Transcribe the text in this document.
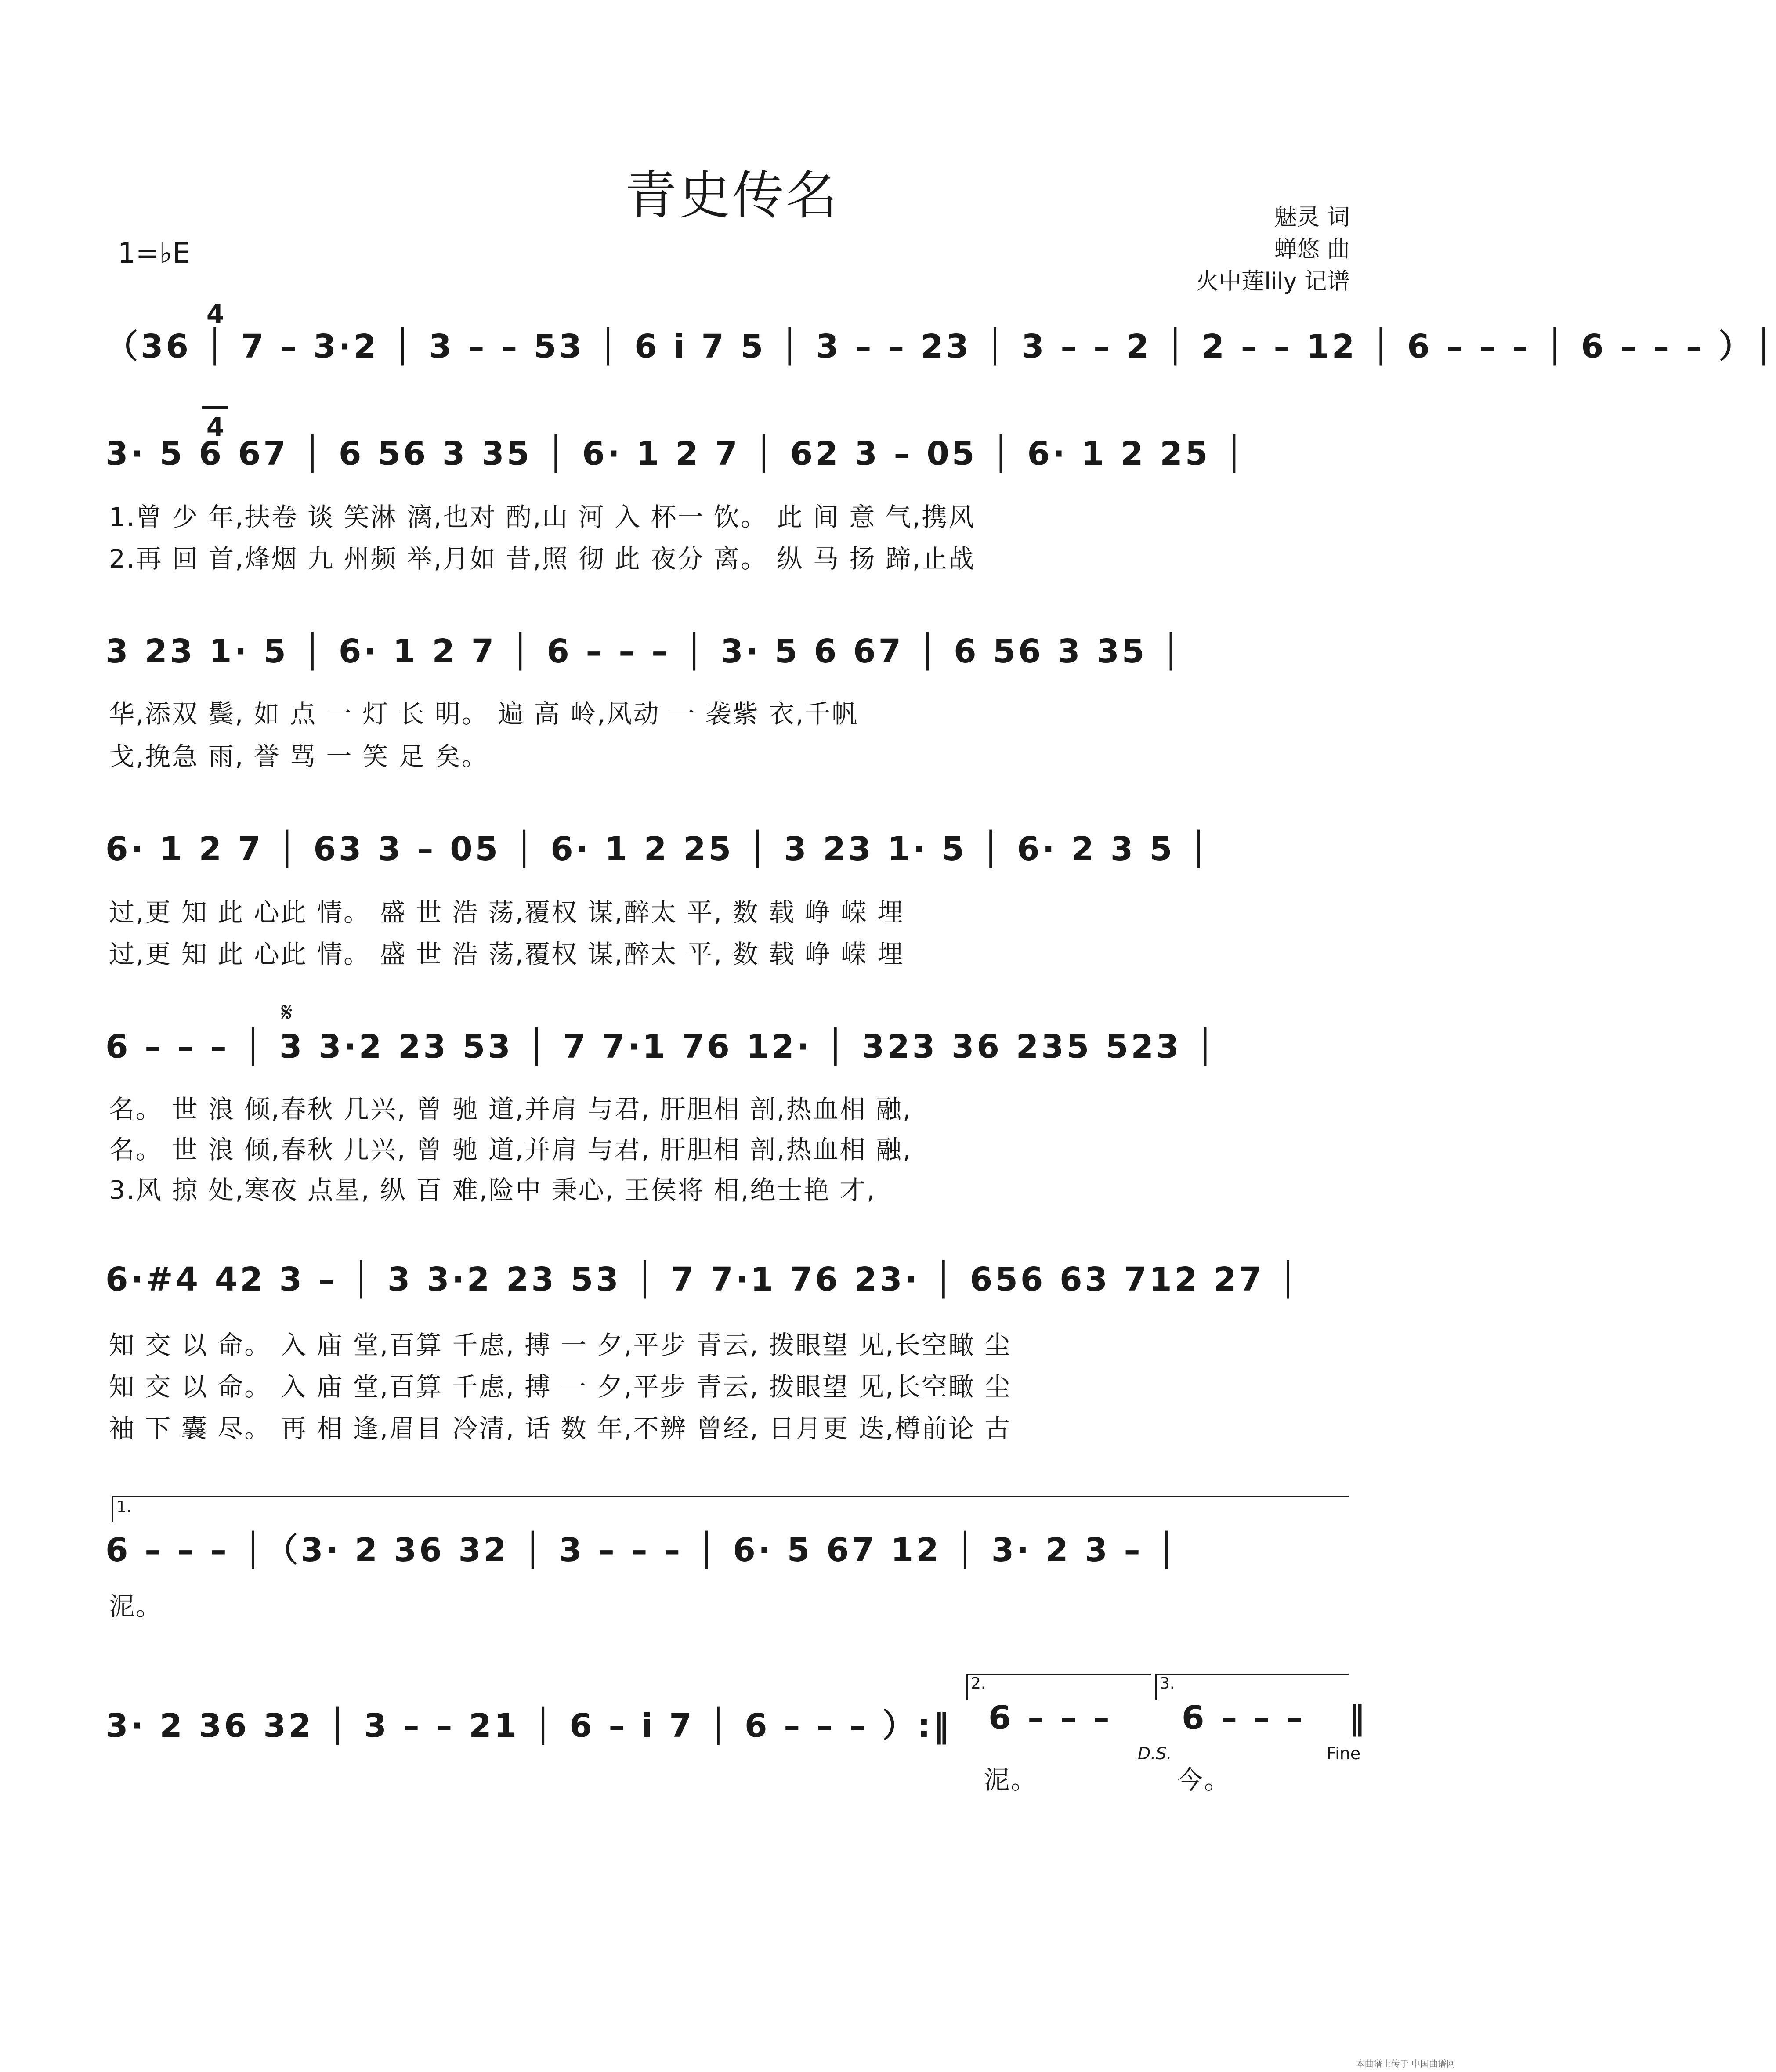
青史传名	魅灵 词
蝉悠 曲
火中莲lily 记谱
1=♭E

4

4

（36 │ 7 – 3·2 │ 3 – – 53 │ 6 i 7 5 │ 3 – – 23 │ 3 – – 2 │ 2 – – 12 │ 6 – – – │ 6 – – – ）│

3· 5 6 67 │ 6 56 3 35 │ 6· 1 2 7 │ 62 3 – 05 │ 6· 1 2 25 │

1.曾 少 年,扶卷 谈 笑淋 漓,也对 酌,山 河 入 杯一 饮。 此 间 意 气,携风
2.再 回 首,烽烟 九 州频 举,月如 昔,照 彻 此 夜分 离。 纵 马 扬 蹄,止战

3 23 1· 5 │ 6· 1 2 7 │ 6 – – – │ 3· 5 6 67 │ 6 56 3 35 │

华,添双 鬓, 如 点 一 灯 长 明。 遍 高 岭,风动 一 袭紫 衣,千帆
戈,挽急 雨, 誉 骂 一 笑 足 矣。

6· 1 2 7 │ 63 3 – 05 │ 6· 1 2 25 │ 3 23 1· 5 │ 6· 2 3 5 │

过,更 知 此 心此 情。 盛 世 浩 荡,覆权 谋,醉太 平, 数 载 峥 嵘 埋
过,更 知 此 心此 情。 盛 世 浩 荡,覆权 谋,醉太 平, 数 载 峥 嵘 埋
𝄋

6 – – – │ 3 3·2 23 53 │ 7 7·1 76 12· │ 323 36 235 523 │

名。 世 浪 倾,春秋 几兴, 曾 驰 道,并肩 与君, 肝胆相 剖,热血相 融,
名。 世 浪 倾,春秋 几兴, 曾 驰 道,并肩 与君, 肝胆相 剖,热血相 融,
3.风 掠 处,寒夜 点星, 纵 百 难,险中 秉心, 王侯将 相,绝士艳 才,

6·#4 42 3 – │ 3 3·2 23 53 │ 7 7·1 76 23· │ 656 63 712 27 │

知 交 以 命。 入 庙 堂,百算 千虑, 搏 一 夕,平步 青云, 拨眼望 见,长空瞰 尘
知 交 以 命。 入 庙 堂,百算 千虑, 搏 一 夕,平步 青云, 拨眼望 见,长空瞰 尘
袖 下 囊 尽。 再 相 逢,眉目 冷清, 话 数 年,不辨 曾经, 日月更 迭,樽前论 古
1.

6 – – – │（3· 2 36 32 │ 3 – – – │ 6· 5 67 12 │ 3· 2 3 – │

泥。

3· 2 36 32 │ 3 – – 21 │ 6 – i 7 │ 6 – – – ）:‖

2.
6 – – –
泥。
D.S.
3.
6 – – –
今。
Fine
‖
本曲谱上传于 中国曲谱网
